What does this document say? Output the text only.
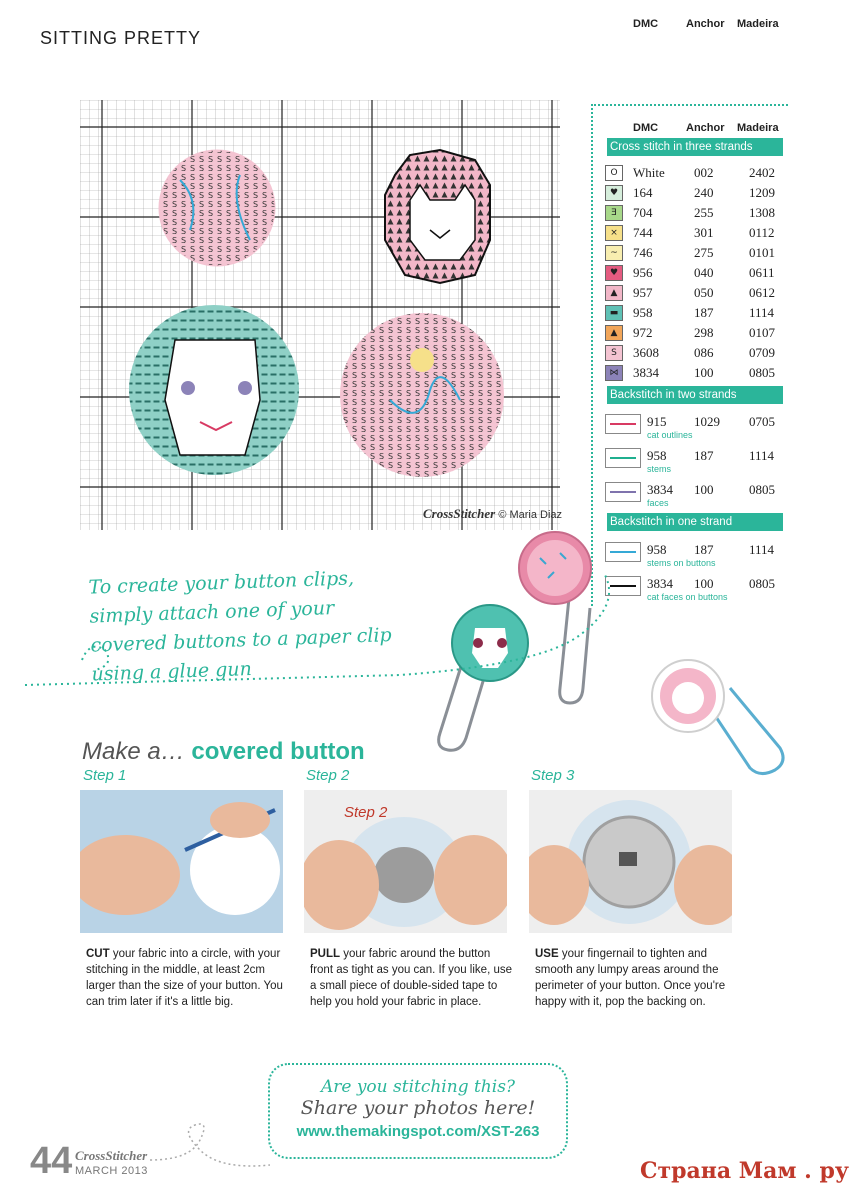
SITTING PRETTY
CrossStitcher © Maria Diaz
DMC	Anchor Madeira
DMC	Anchor Madeira
Cross stitch in three strands
O	White 002	2402
♥	164	240	1209
Ǝ	704	255	1308
×	744	301	0112
~	746	275	0101
♥	956	040	0611
▲	957	050	0612
▬	958	187	1114
▲	972	298	0107
S	3608	086	0709
⋈	3834	100	0805
Backstitch in two strands
915 1029 0705
cat outlines
958 187	1114
stems
3834 100	0805
faces
Backstitch in one strand
958 187	1114
stems on buttons
3834 100	0805
cat faces on buttons
To create your button clips, simply attach one of your covered buttons to a paper clip using a glue gun
Make a… covered button
Step 1	Step 2	Step 3
Step 2
CUT your fabric into a circle, with your stitching in the middle, at least 2cm larger than the size of your button. You can trim later if it's a little big.
PULL your fabric around the button front as tight as you can. If you like, use a small piece of double-sided tape to help you hold your fabric in place.
USE your fingernail to tighten and smooth any lumpy areas around the perimeter of your button. Once you're happy with it, pop the backing on.
Are you stitching this?
Share your photos here!
www.themakingspot.com/XST-263
44 CrossStitcher
MARCH 2013	Страна Мам . ру
